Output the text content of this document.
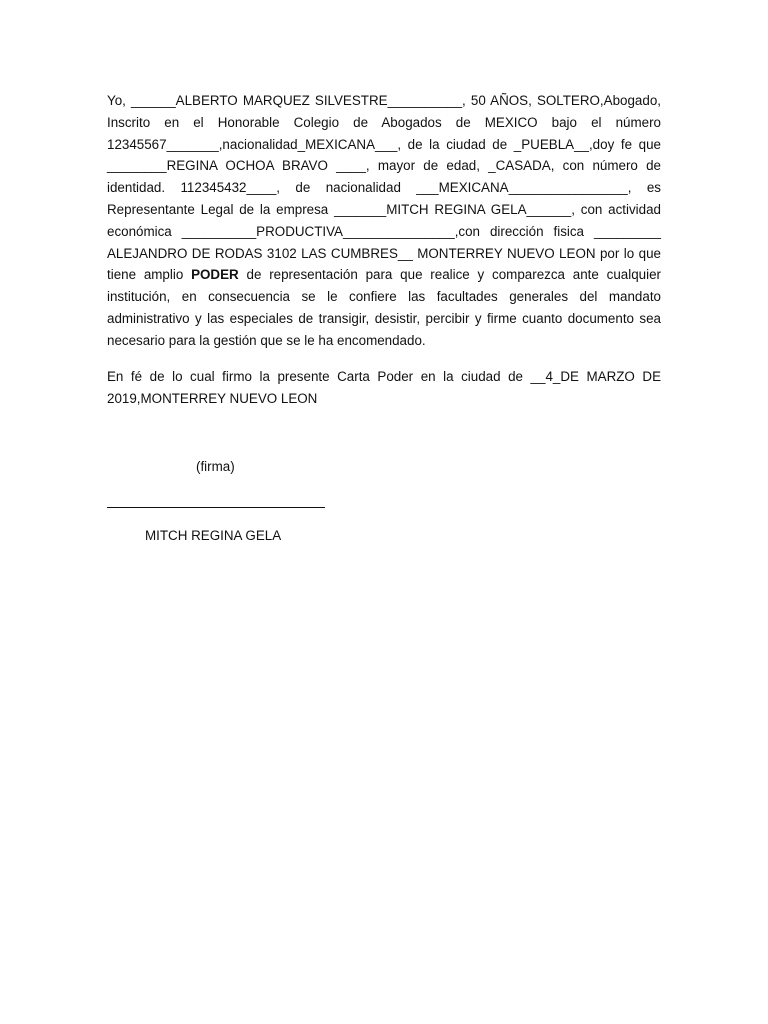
Yo, ______ALBERTO MARQUEZ SILVESTRE__________, 50 AÑOS, SOLTERO,Abogado, Inscrito en el Honorable Colegio de Abogados de MEXICO bajo el número 12345567_______,nacionalidad_MEXICANA___, de la ciudad de _PUEBLA__,doy fe que ________REGINA OCHOA BRAVO ____, mayor de edad, _CASADA, con número de identidad. 112345432____, de nacionalidad ___MEXICANA________________, es Representante Legal de la empresa _______MITCH REGINA GELA______, con actividad económica __________PRODUCTIVA_______________,con dirección fisica _________ ALEJANDRO DE RODAS 3102 LAS CUMBRES__ MONTERREY NUEVO LEON por lo que tiene amplio PODER de representación para que realice y comparezca ante cualquier institución, en consecuencia se le confiere las facultades generales del mandato administrativo y las especiales de transigir, desistir, percibir y firme cuanto documento sea necesario para la gestión que se le ha encomendado.

En fé de lo cual firmo la presente Carta Poder en la ciudad de __4_DE MARZO DE 2019,MONTERREY NUEVO LEON

(firma)

MITCH REGINA GELA
